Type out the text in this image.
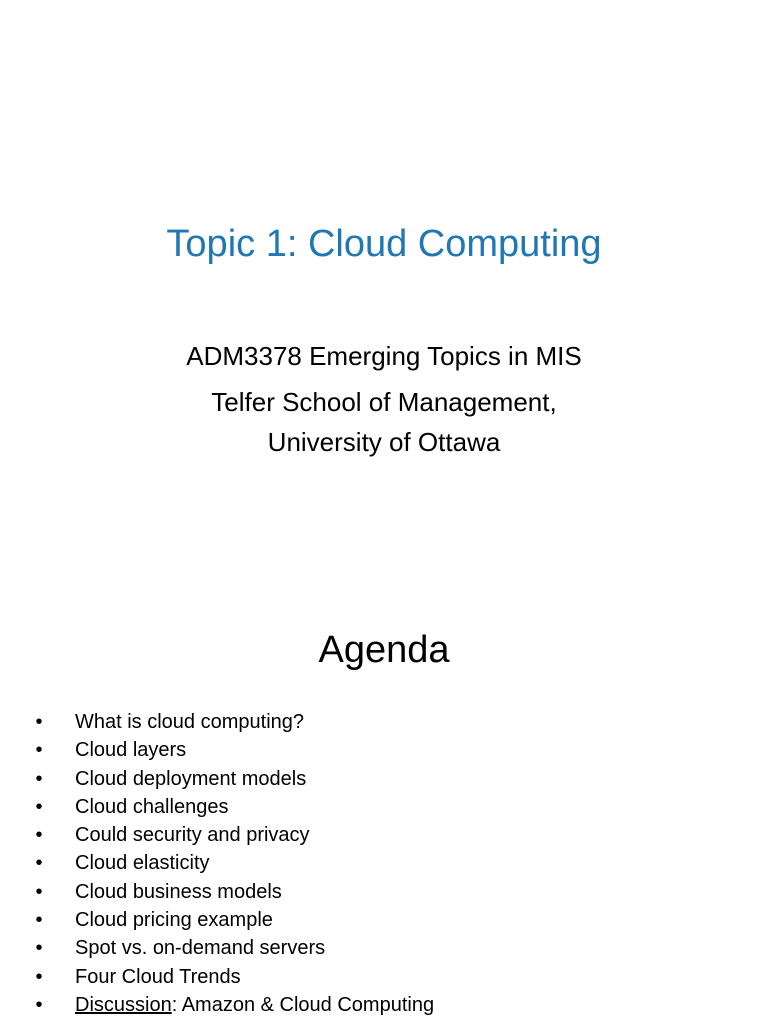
Topic 1: Cloud Computing
ADM3378 Emerging Topics in MIS
Telfer School of Management,
University of Ottawa
Agenda
• What is cloud computing?
• Cloud layers
• Cloud deployment models
• Cloud challenges
• Could security and privacy
• Cloud elasticity
• Cloud business models
• Cloud pricing example
• Spot vs. on-demand servers
• Four Cloud Trends
• Discussion: Amazon & Cloud Computing
